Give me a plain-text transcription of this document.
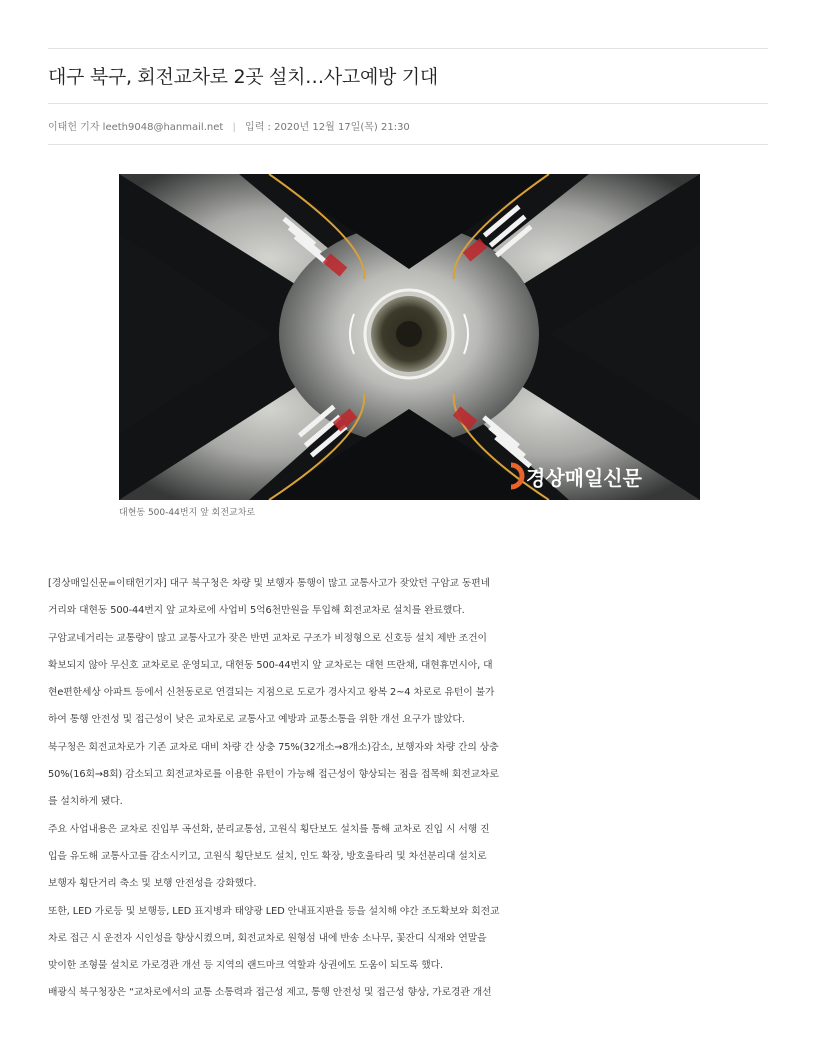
대구 북구, 회전교차로 2곳 설치…사고예방 기대
이태헌 기자 leeth9048@hanmail.net | 입력 : 2020년 12월 17일(목) 21:30
경상매일신문
대현동 500-44번지 앞 회전교차로

[경상매일신문=이태헌기자] 대구 북구청은 차량 및 보행자 통행이 많고 교통사고가 잦았던 구암교 동편네

거리와 대현동 500-44번지 앞 교차로에 사업비 5억6천만원을 투입해 회전교차로 설치를 완료했다.

구암교네거리는 교통량이 많고 교통사고가 잦은 반면 교차로 구조가 비정형으로 신호등 설치 제반 조건이

확보되지 않아 무신호 교차로로 운영되고, 대현동 500-44번지 앞 교차로는 대현 뜨란채, 대현휴먼시아, 대

현e편한세상 아파트 등에서 신천동로로 연결되는 지점으로 도로가 경사지고 왕복 2~4 차로로 유턴이 불가

하여 통행 안전성 및 접근성이 낮은 교차로로 교통사고 예방과 교통소통을 위한 개선 요구가 많았다.

북구청은 회전교차로가 기존 교차로 대비 차량 간 상충 75%(32개소→8개소)감소, 보행자와 차량 간의 상충

50%(16회→8회) 감소되고 회전교차로를 이용한 유턴이 가능해 접근성이 향상되는 점을 접목해 회전교차로

를 설치하게 됐다.

주요 사업내용은 교차로 진입부 곡선화, 분리교통섬, 고원식 횡단보도 설치를 통해 교차로 진입 시 서행 진

입을 유도해 교통사고를 감소시키고, 고원식 횡단보도 설치, 인도 확장, 방호울타리 및 차선분리대 설치로

보행자 횡단거리 축소 및 보행 안전성을 강화했다.

또한, LED 가로등 및 보행등, LED 표지병과 태양광 LED 안내표지판을 등을 설치해 야간 조도확보와 회전교

차로 접근 시 운전자 시인성을 향상시켰으며, 회전교차로 원형섬 내에 반송 소나무, 꽃잔디 식재와 연말을

맞이한 조형물 설치로 가로경관 개선 등 지역의 랜드마크 역할과 상권에도 도움이 되도록 했다.

배광식 북구청장은 “교차로에서의 교통 소통력과 접근성 제고, 통행 안전성 및 접근성 향상, 가로경관 개선
